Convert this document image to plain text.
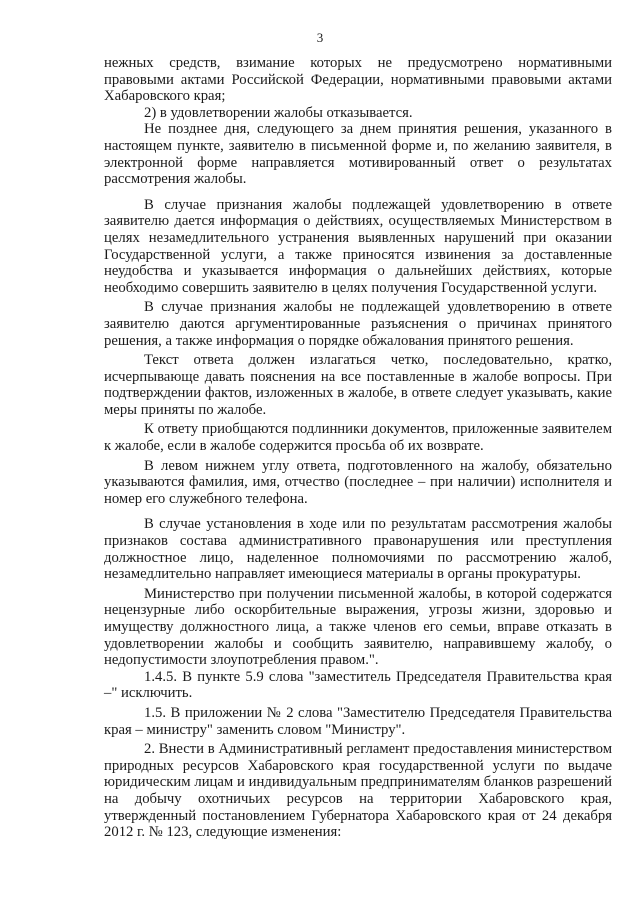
3

нежных средств, взимание которых не предусмотрено нормативными правовыми актами Российской Федерации, нормативными правовыми актами Хабаровского края;

2) в удовлетворении жалобы отказывается.

Не позднее дня, следующего за днем принятия решения, указанного в настоящем пункте, заявителю в письменной форме и, по желанию заявителя, в электронной форме направляется мотивированный ответ о результатах рассмотрения жалобы.

В случае признания жалобы подлежащей удовлетворению в ответе заявителю дается информация о действиях, осуществляемых Министерством в целях незамедлительного устранения выявленных нарушений при оказании Государственной услуги, а также приносятся извинения за доставленные неудобства и указывается информация о дальнейших действиях, которые необходимо совершить заявителю в целях получения Государственной услуги.

В случае признания жалобы не подлежащей удовлетворению в ответе заявителю даются аргументированные разъяснения о причинах принятого решения, а также информация о порядке обжалования принятого решения.

Текст ответа должен излагаться четко, последовательно, кратко, исчерпывающе давать пояснения на все поставленные в жалобе вопросы. При подтверждении фактов, изложенных в жалобе, в ответе следует указывать, какие меры приняты по жалобе.

К ответу приобщаются подлинники документов, приложенные заявителем к жалобе, если в жалобе содержится просьба об их возврате.

В левом нижнем углу ответа, подготовленного на жалобу, обязательно указываются фамилия, имя, отчество (последнее – при наличии) исполнителя и номер его служебного телефона.

В случае установления в ходе или по результатам рассмотрения жалобы признаков состава административного правонарушения или преступления должностное лицо, наделенное полномочиями по рассмотрению жалоб, незамедлительно направляет имеющиеся материалы в органы прокуратуры.

Министерство при получении письменной жалобы, в которой содержатся нецензурные либо оскорбительные выражения, угрозы жизни, здоровью и имуществу должностного лица, а также членов его семьи, вправе отказать в удовлетворении жалобы и сообщить заявителю, направившему жалобу, о недопустимости злоупотребления правом.".

1.4.5. В пункте 5.9 слова "заместитель Председателя Правительства края –" исключить.

1.5. В приложении № 2 слова "Заместителю Председателя Правительства края – министру" заменить словом "Министру".

2. Внести в Административный регламент предоставления министерством природных ресурсов Хабаровского края государственной услуги по выдаче юридическим лицам и индивидуальным предпринимателям бланков разрешений на добычу охотничьих ресурсов на территории Хабаровского края, утвержденный постановлением Губернатора Хабаровского края от 24 декабря 2012 г. № 123, следующие изменения:
